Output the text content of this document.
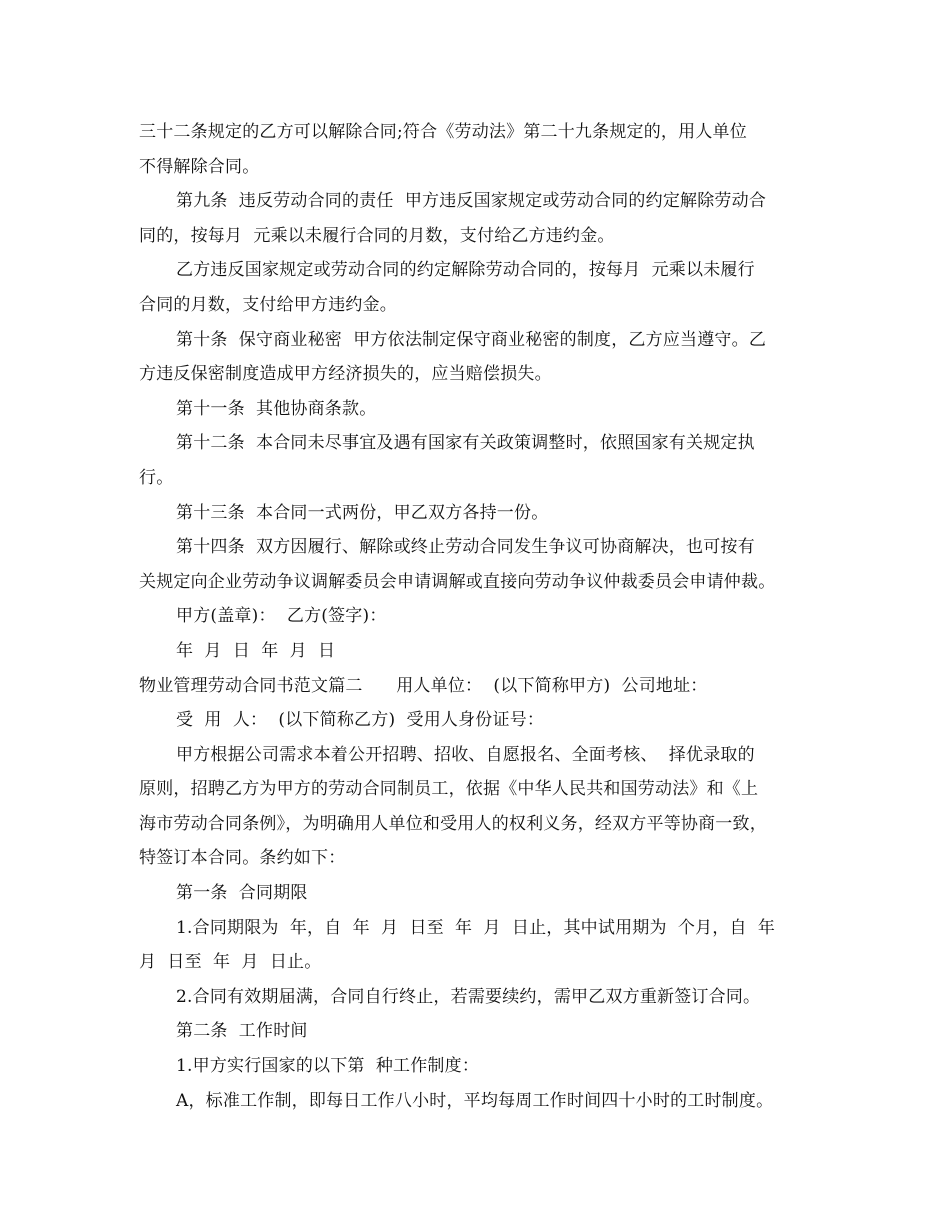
三十二条规定的乙方可以解除合同;符合《劳动法》第二十九条规定的，用人单位

不得解除合同。

第九条  违反劳动合同的责任  甲方违反国家规定或劳动合同的约定解除劳动合

同的，按每月  元乘以未履行合同的月数，支付给乙方违约金。

乙方违反国家规定或劳动合同的约定解除劳动合同的，按每月  元乘以未履行

合同的月数，支付给甲方违约金。

第十条  保守商业秘密  甲方依法制定保守商业秘密的制度，乙方应当遵守。乙

方违反保密制度造成甲方经济损失的，应当赔偿损失。

第十一条  其他协商条款。

第十二条  本合同未尽事宜及遇有国家有关政策调整时，依照国家有关规定执

行。

第十三条  本合同一式两份，甲乙双方各持一份。

第十四条  双方因履行、解除或终止劳动合同发生争议可协商解决，也可按有

关规定向企业劳动争议调解委员会申请调解或直接向劳动争议仲裁委员会申请仲裁。

甲方(盖章)：  乙方(签字)：

年  月  日  年  月  日

物业管理劳动合同书范文篇二      用人单位：  (以下简称甲方)  公司地址：

受  用  人：  (以下简称乙方)  受用人身份证号：

甲方根据公司需求本着公开招聘、招收、自愿报名、全面考核、  择优录取的

原则，招聘乙方为甲方的劳动合同制员工，依据《中华人民共和国劳动法》和《上

海市劳动合同条例》，为明确用人单位和受用人的权利义务，经双方平等协商一致，

特签订本合同。条约如下：

第一条  合同期限

1.合同期限为  年，自  年  月  日至  年  月  日止，其中试用期为  个月，自  年

月  日至  年  月  日止。

2.合同有效期届满，合同自行终止，若需要续约，需甲乙双方重新签订合同。

第二条  工作时间

1.甲方实行国家的以下第  种工作制度：

A，标准工作制，即每日工作八小时，平均每周工作时间四十小时的工时制度。
